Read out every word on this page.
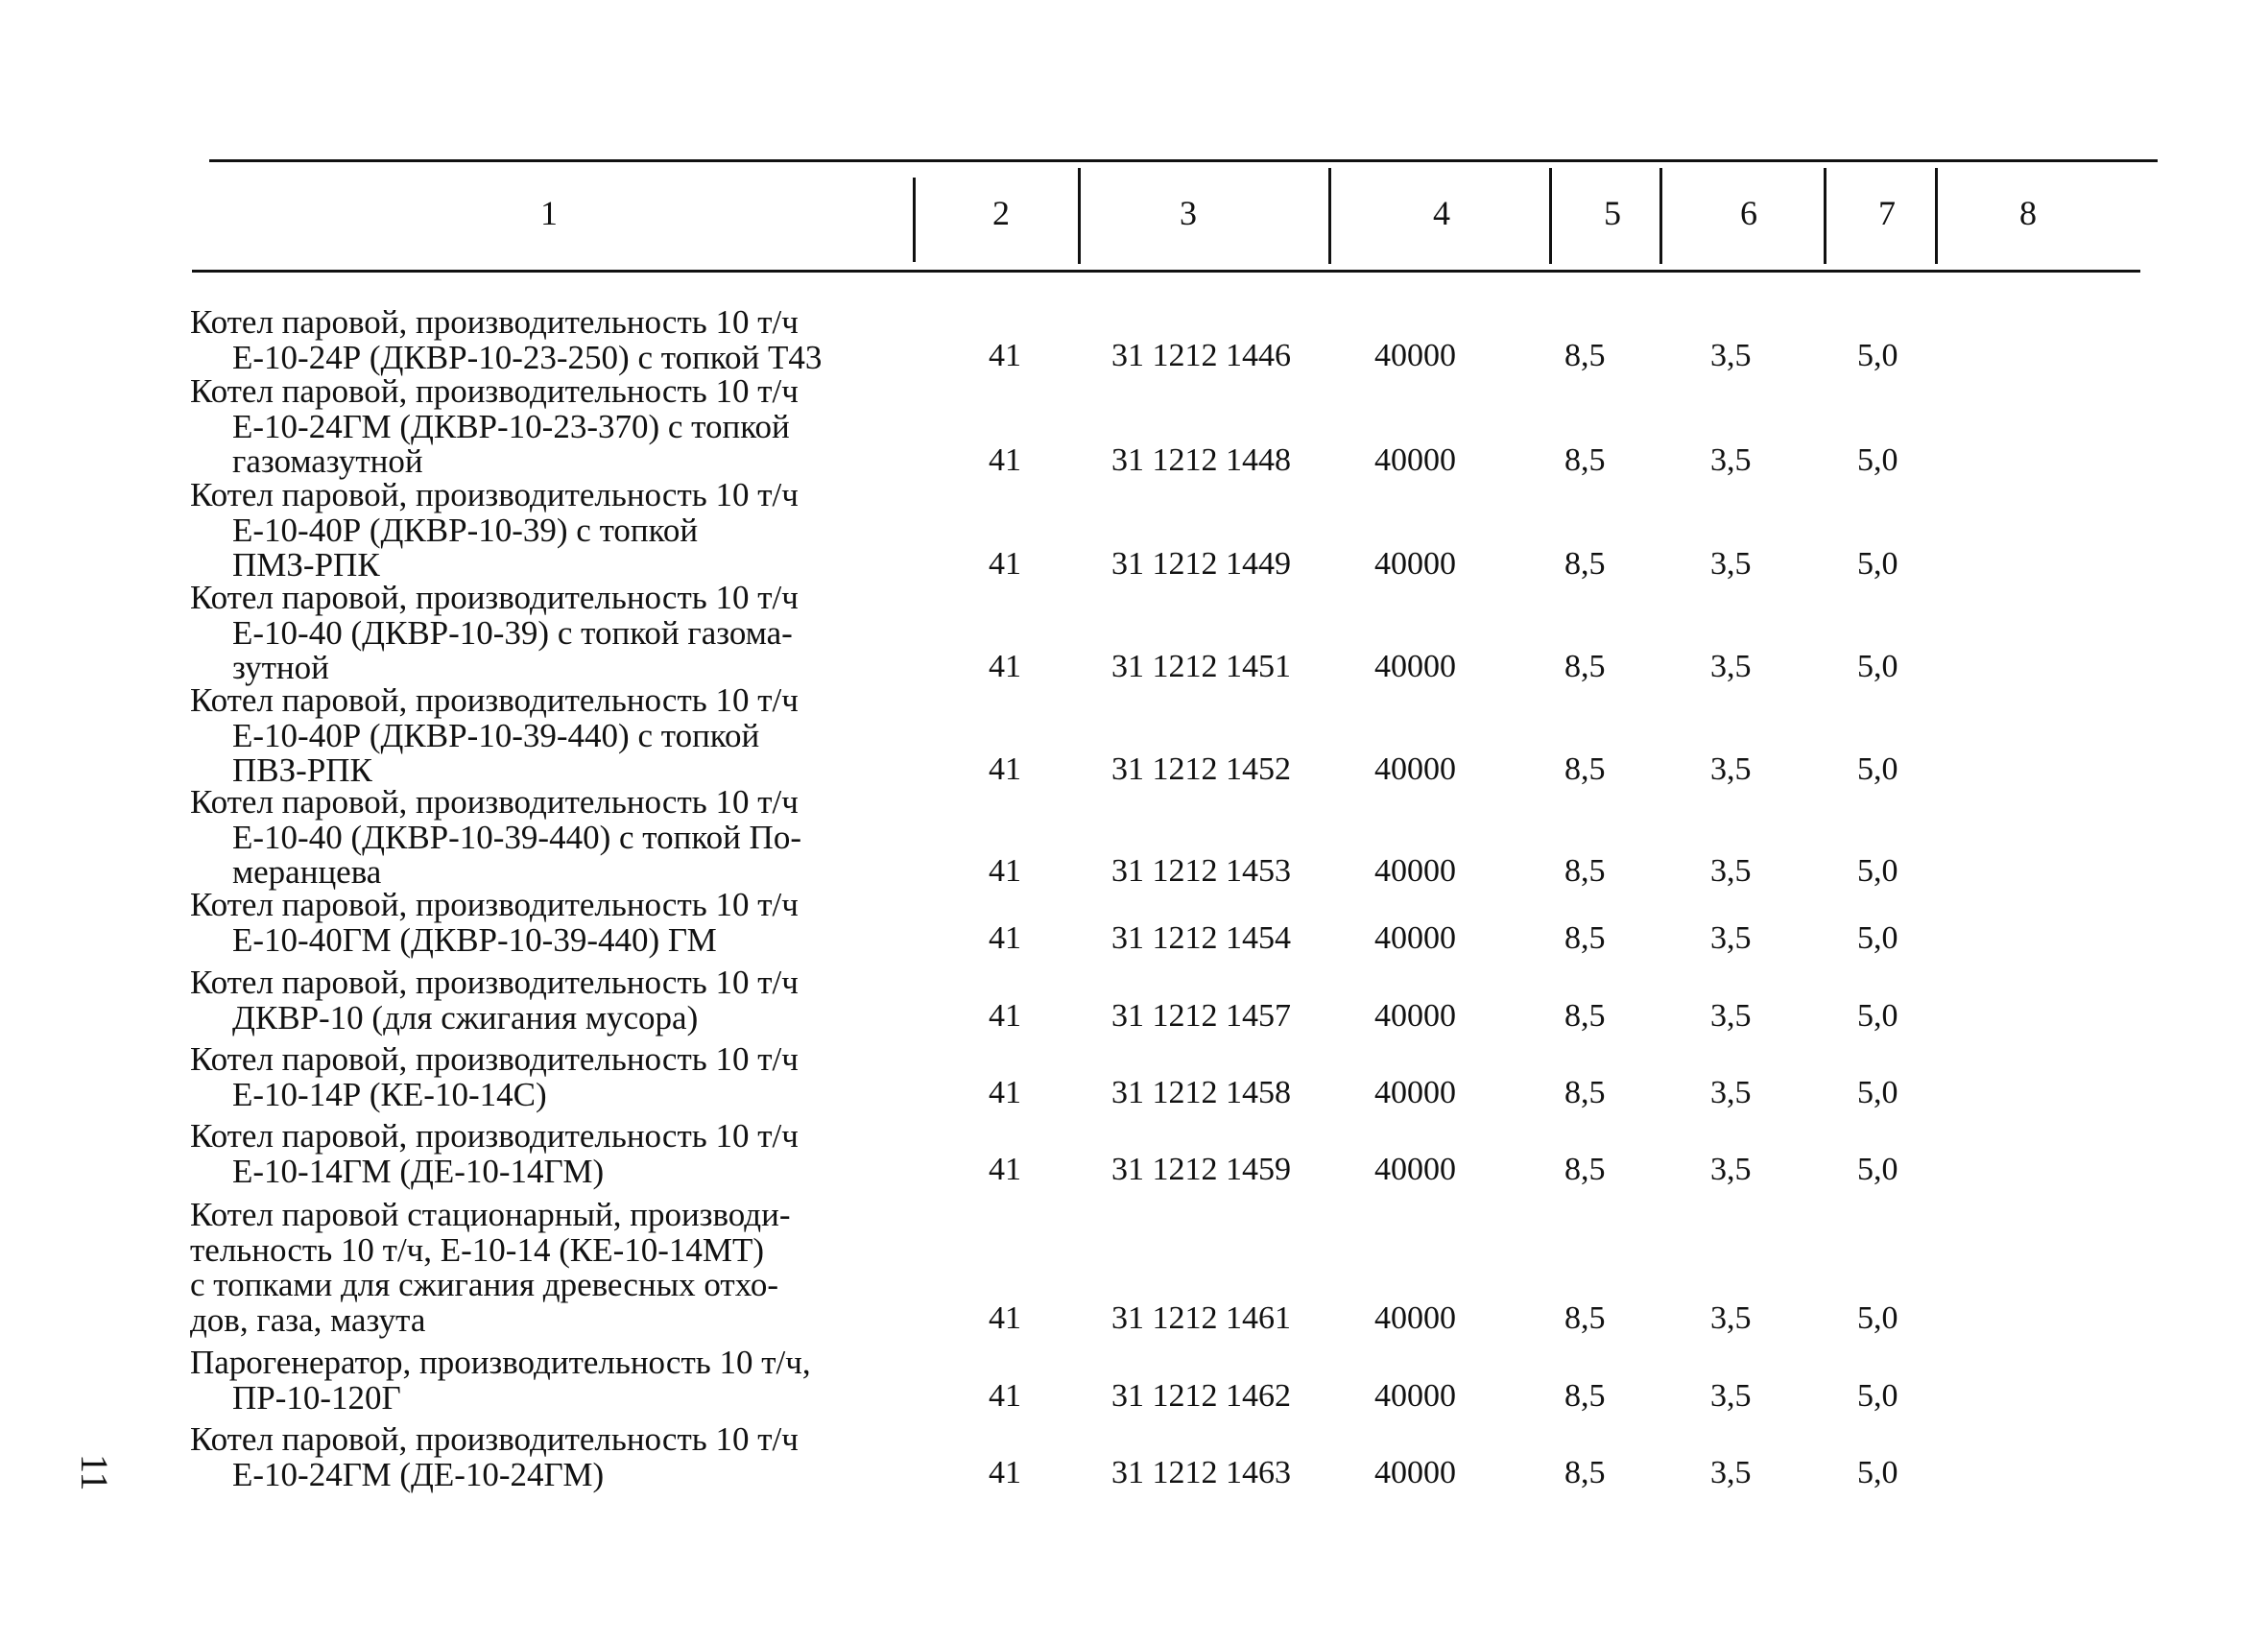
1	2	3	4	5	6	7	8
Котел паровой, производительность 10 т/ч
Е-10-24Р (ДКВР-10-23-250) с топкой Т43	41	31 1212 1446	40000	8,5	3,5	5,0
Котел паровой, производительность 10 т/ч
Е-10-24ГМ (ДКВР-10-23-370) с топкой
газомазутной	41	31 1212 1448	40000	8,5	3,5	5,0
Котел паровой, производительность 10 т/ч
Е-10-40Р (ДКВР-10-39) с топкой
ПМЗ-РПК	41	31 1212 1449	40000	8,5	3,5	5,0
Котел паровой, производительность 10 т/ч
Е-10-40 (ДКВР-10-39) с топкой газома-
зутной	41	31 1212 1451	40000	8,5	3,5	5,0
Котел паровой, производительность 10 т/ч
Е-10-40Р (ДКВР-10-39-440) с топкой
ПВЗ-РПК	41	31 1212 1452	40000	8,5	3,5	5,0
Котел паровой, производительность 10 т/ч
Е-10-40 (ДКВР-10-39-440) с топкой По-
меранцева	41	31 1212 1453	40000	8,5	3,5	5,0
Котел паровой, производительность 10 т/ч
Е-10-40ГМ (ДКВР-10-39-440) ГМ	41	31 1212 1454	40000	8,5	3,5	5,0
Котел паровой, производительность 10 т/ч
ДКВР-10 (для сжигания мусора)	41	31 1212 1457	40000	8,5	3,5	5,0
Котел паровой, производительность 10 т/ч
Е-10-14Р (КЕ-10-14С)	41	31 1212 1458	40000	8,5	3,5	5,0
Котел паровой, производительность 10 т/ч
Е-10-14ГМ (ДЕ-10-14ГМ)	41	31 1212 1459	40000	8,5	3,5	5,0
Котел паровой стационарный, производи-
тельность 10 т/ч, Е-10-14 (КЕ-10-14МТ)
с топками для сжигания древесных отхо-
дов, газа, мазута	41	31 1212 1461	40000	8,5	3,5	5,0
Парогенератор, производительность 10 т/ч,
ПР-10-120Г	41	31 1212 1462	40000	8,5	3,5	5,0
Котел паровой, производительность 10 т/ч
Е-10-24ГМ (ДЕ-10-24ГМ)	41	31 1212 1463	40000	8,5	3,5	5,0
11
